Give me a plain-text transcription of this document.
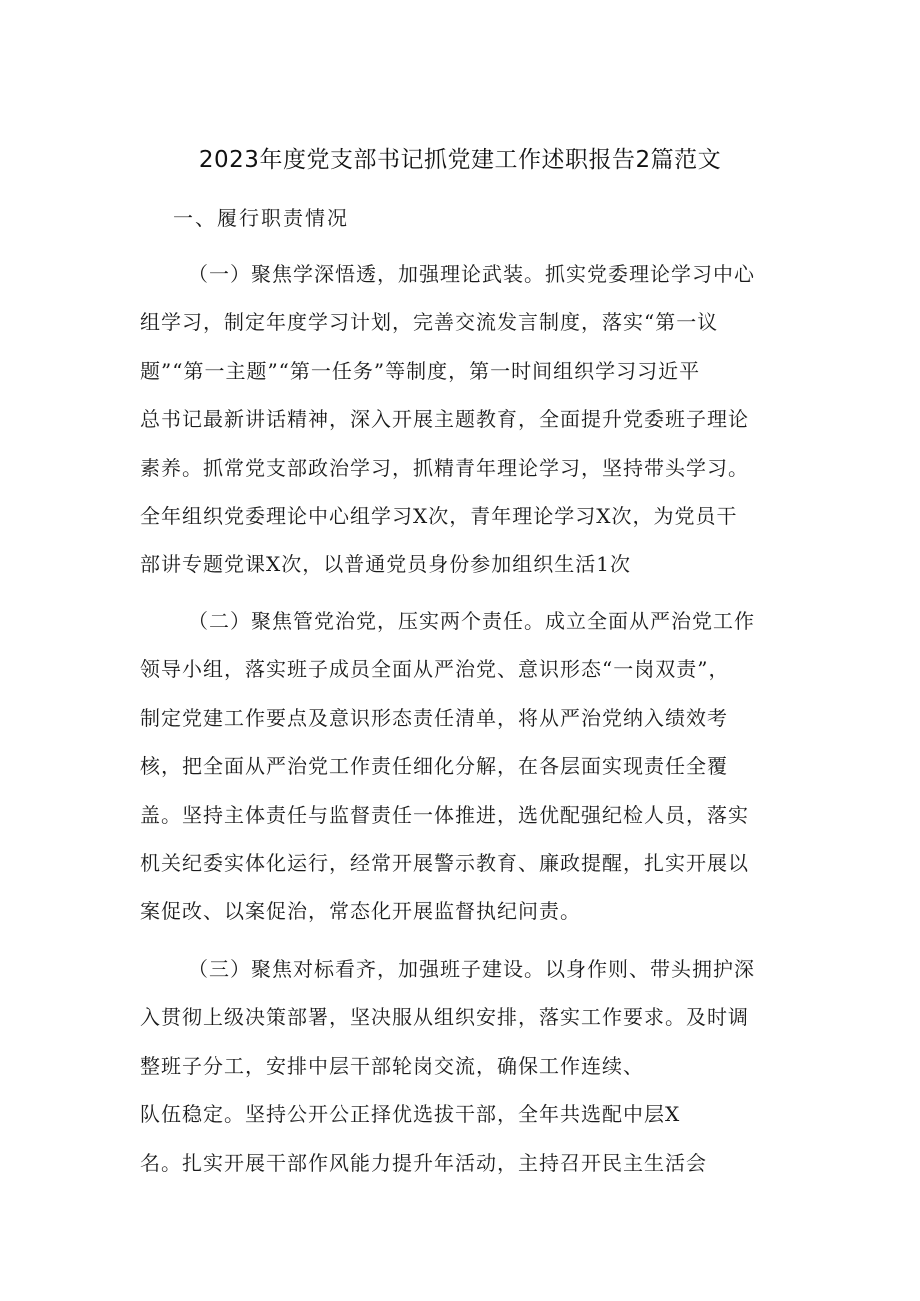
2023年度党支部书记抓党建工作述职报告2篇范文
一、履行职责情况
（一）聚焦学深悟透，加强理论武装。抓实党委理论学习中心
组学习，制定年度学习计划，完善交流发言制度，落实“第一议
题”“第一主题”“第一任务”等制度，第一时间组织学习习近平
总书记最新讲话精神，深入开展主题教育，全面提升党委班子理论
素养。抓常党支部政治学习，抓精青年理论学习，坚持带头学习。
全年组织党委理论中心组学习X次，青年理论学习X次，为党员干
部讲专题党课X次，以普通党员身份参加组织生活1次
（二）聚焦管党治党，压实两个责任。成立全面从严治党工作
领导小组，落实班子成员全面从严治党、意识形态“一岗双责”，
制定党建工作要点及意识形态责任清单，将从严治党纳入绩效考
核，把全面从严治党工作责任细化分解，在各层面实现责任全覆
盖。坚持主体责任与监督责任一体推进，选优配强纪检人员，落实
机关纪委实体化运行，经常开展警示教育、廉政提醒，扎实开展以
案促改、以案促治，常态化开展监督执纪问责。
（三）聚焦对标看齐，加强班子建设。以身作则、带头拥护深
入贯彻上级决策部署，坚决服从组织安排，落实工作要求。及时调
整班子分工，安排中层干部轮岗交流，确保工作连续、
队伍稳定。坚持公开公正择优选拔干部，全年共选配中层X
名。扎实开展干部作风能力提升年活动，主持召开民主生活会
